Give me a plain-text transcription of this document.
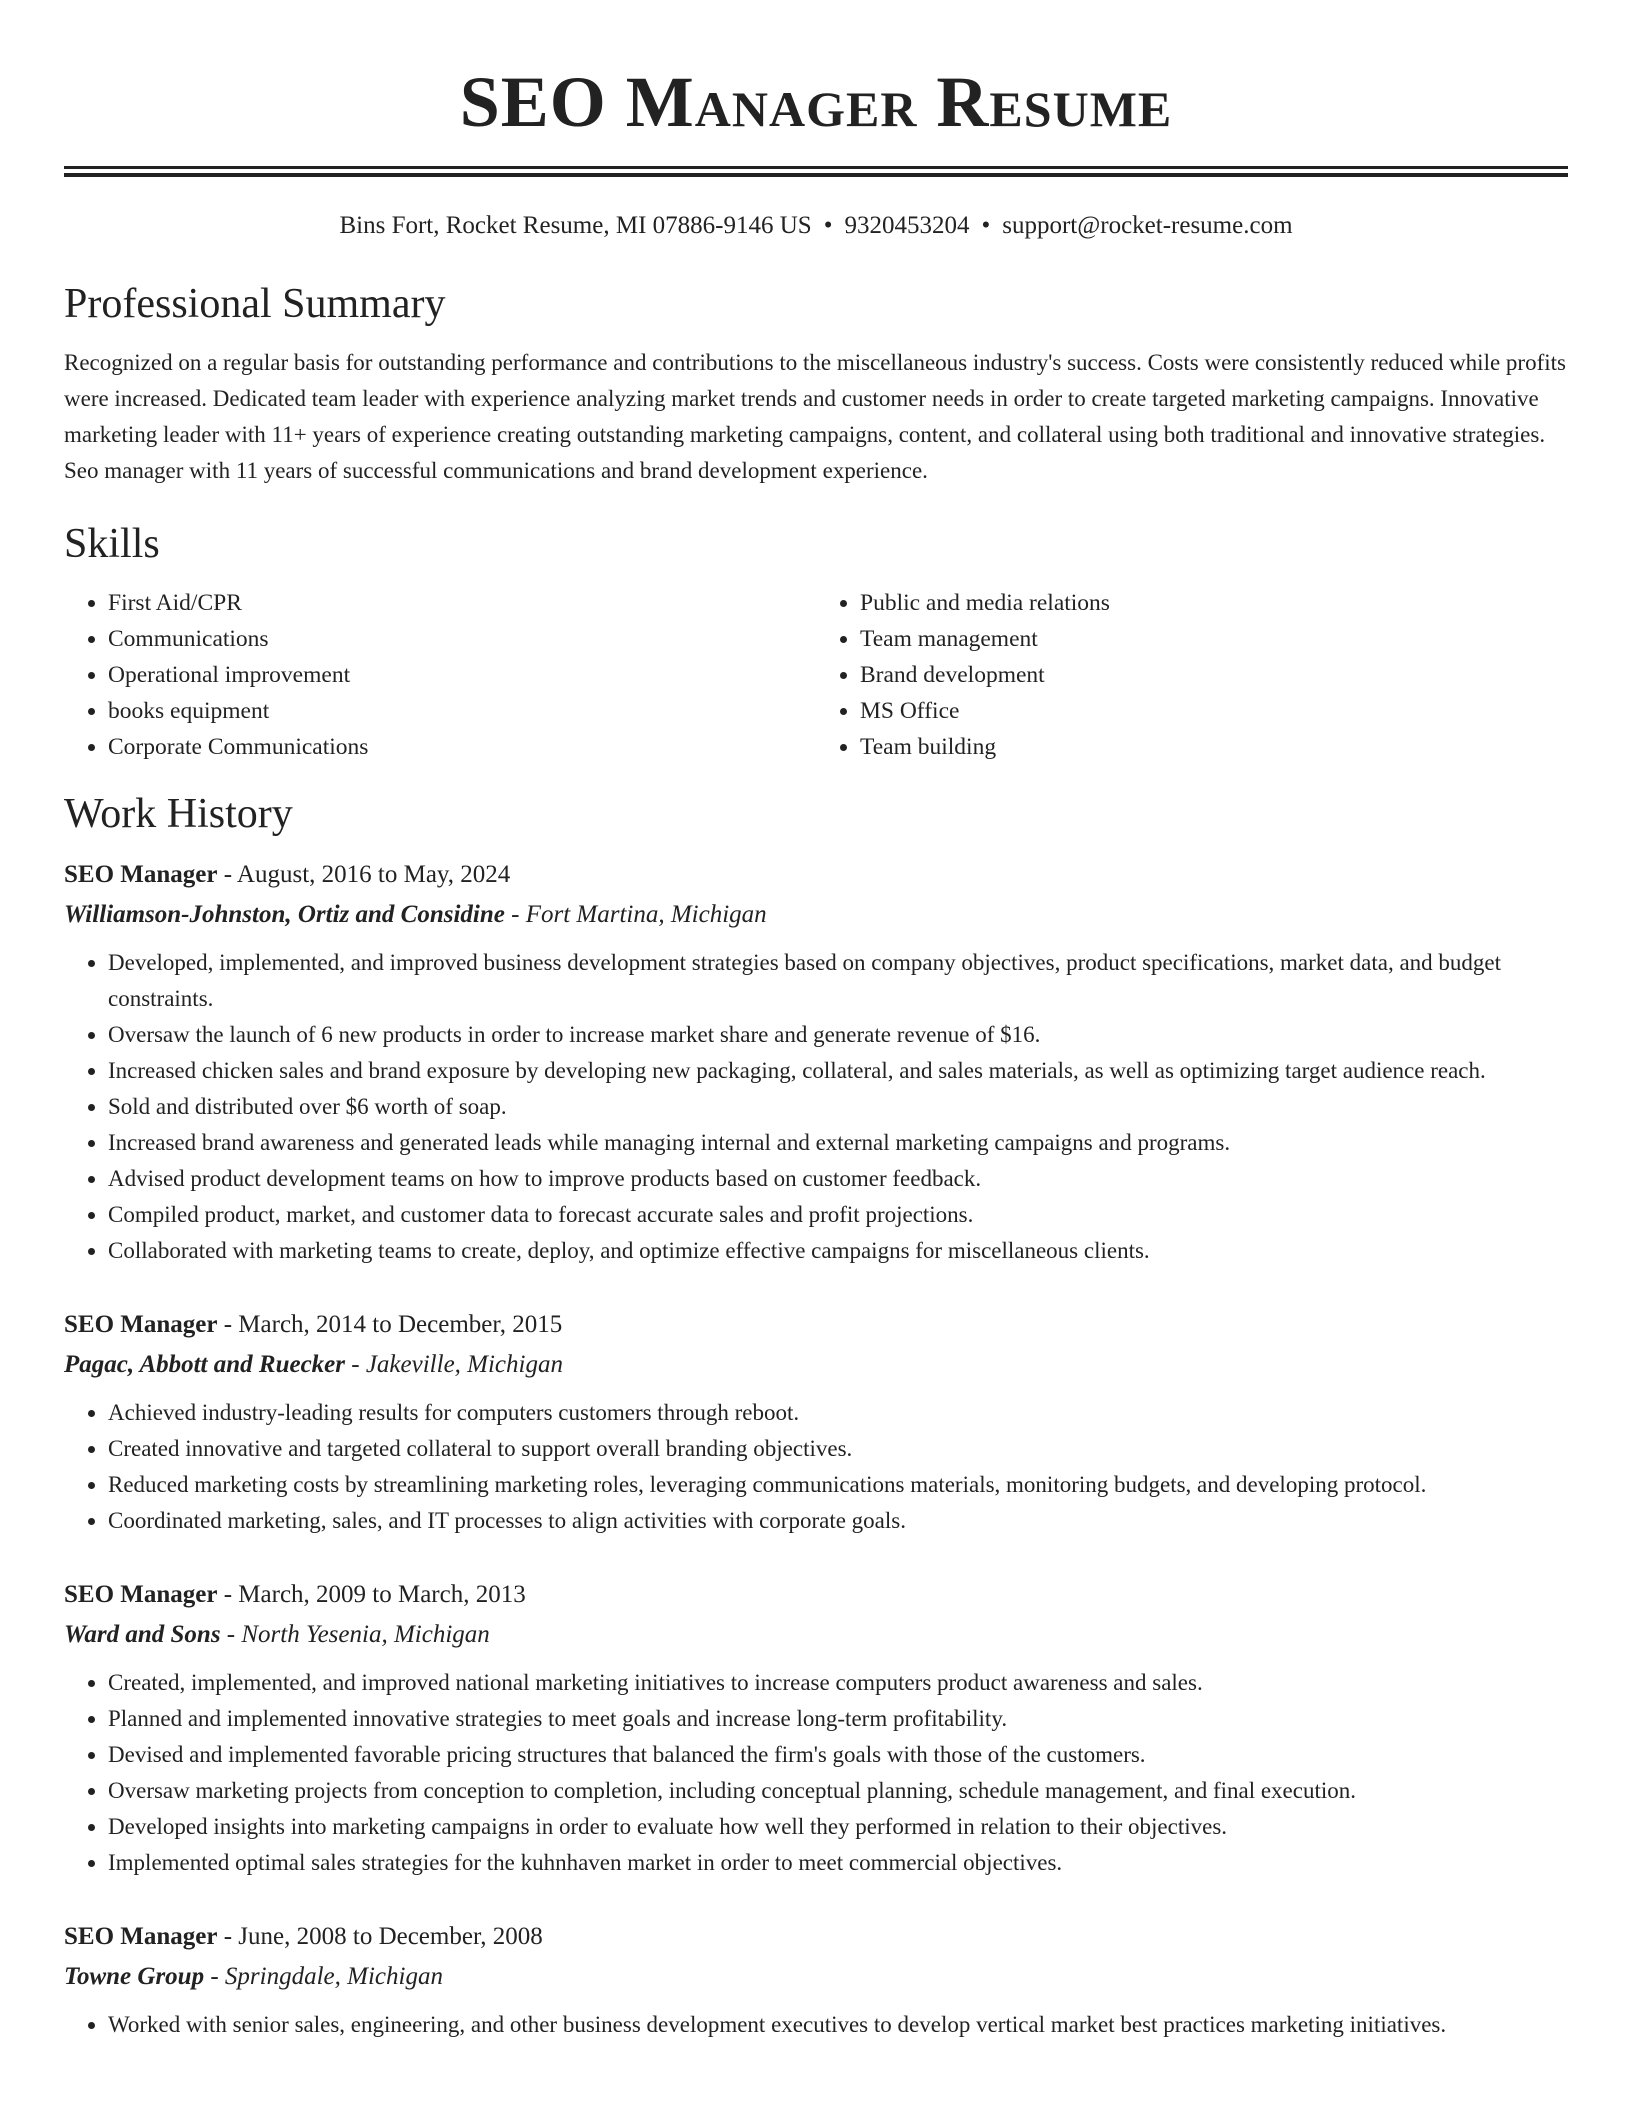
SEO Manager Resume
Bins Fort, Rocket Resume, MI 07886-9146 US • 9320453204 • support@rocket-resume.com
Professional Summary

Recognized on a regular basis for outstanding performance and contributions to the miscellaneous industry's success. Costs were consistently reduced while profits were increased. Dedicated team leader with experience analyzing market trends and customer needs in order to create targeted marketing campaigns. Innovative marketing leader with 11+ years of experience creating outstanding marketing campaigns, content, and collateral using both traditional and innovative strategies. Seo manager with 11 years of successful communications and brand development experience.

Skills
• First Aid/CPR
• Communications
• Operational improvement
• books equipment
• Corporate Communications
• Public and media relations
• Team management
• Brand development
• MS Office
• Team building
Work History
SEO Manager - August, 2016 to May, 2024
Williamson-Johnston, Ortiz and Considine - Fort Martina, Michigan
• Developed, implemented, and improved business development strategies based on company objectives, product specifications, market data, and budget constraints.
• Oversaw the launch of 6 new products in order to increase market share and generate revenue of $16.
• Increased chicken sales and brand exposure by developing new packaging, collateral, and sales materials, as well as optimizing target audience reach.
• Sold and distributed over $6 worth of soap.
• Increased brand awareness and generated leads while managing internal and external marketing campaigns and programs.
• Advised product development teams on how to improve products based on customer feedback.
• Compiled product, market, and customer data to forecast accurate sales and profit projections.
• Collaborated with marketing teams to create, deploy, and optimize effective campaigns for miscellaneous clients.
SEO Manager - March, 2014 to December, 2015
Pagac, Abbott and Ruecker - Jakeville, Michigan
• Achieved industry-leading results for computers customers through reboot.
• Created innovative and targeted collateral to support overall branding objectives.
• Reduced marketing costs by streamlining marketing roles, leveraging communications materials, monitoring budgets, and developing protocol.
• Coordinated marketing, sales, and IT processes to align activities with corporate goals.
SEO Manager - March, 2009 to March, 2013
Ward and Sons - North Yesenia, Michigan
• Created, implemented, and improved national marketing initiatives to increase computers product awareness and sales.
• Planned and implemented innovative strategies to meet goals and increase long-term profitability.
• Devised and implemented favorable pricing structures that balanced the firm's goals with those of the customers.
• Oversaw marketing projects from conception to completion, including conceptual planning, schedule management, and final execution.
• Developed insights into marketing campaigns in order to evaluate how well they performed in relation to their objectives.
• Implemented optimal sales strategies for the kuhnhaven market in order to meet commercial objectives.
SEO Manager - June, 2008 to December, 2008
Towne Group - Springdale, Michigan
• Worked with senior sales, engineering, and other business development executives to develop vertical market best practices marketing initiatives.
